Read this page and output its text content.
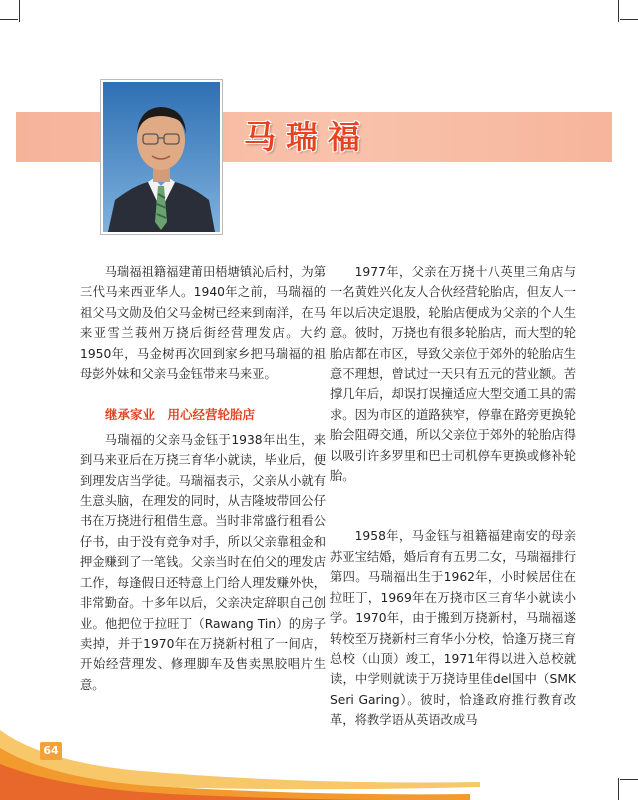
马瑞福

马瑞福祖籍福建莆田梧塘镇沁后村，为第三代马来西亚华人。1940年之前，马瑞福的祖父马文勋及伯父马金树已经来到南洋，在马来亚雪兰莪州万挠后街经营理发店。大约1950年，马金树再次回到家乡把马瑞福的祖母彭外妹和父亲马金钰带来马来亚。

继承家业　用心经营轮胎店

马瑞福的父亲马金钰于1938年出生，来到马来亚后在万挠三育华小就读，毕业后，便到理发店当学徒。马瑞福表示，父亲从小就有生意头脑，在理发的同时，从吉隆坡带回公仔书在万挠进行租借生意。当时非常盛行租看公仔书，由于没有竞争对手，所以父亲靠租金和押金赚到了一笔钱。父亲当时在伯父的理发店工作，每逢假日还特意上门给人理发赚外快，非常勤奋。十多年以后，父亲决定辞职自己创业。他把位于拉旺丁（Rawang Tin）的房子卖掉，并于1970年在万挠新村租了一间店，开始经营理发、修理脚车及售卖黑胶唱片生意。

1977年，父亲在万挠十八英里三角店与一名黄姓兴化友人合伙经营轮胎店，但友人一年以后决定退股，轮胎店便成为父亲的个人生意。彼时，万挠也有很多轮胎店，而大型的轮胎店都在市区，导致父亲位于郊外的轮胎店生意不理想，曾试过一天只有五元的营业额。苦撑几年后，却误打误撞适应大型交通工具的需求。因为市区的道路狭窄，停靠在路旁更换轮胎会阻碍交通，所以父亲位于郊外的轮胎店得以吸引许多罗里和巴士司机停车更换或修补轮胎。

1958年，马金钰与祖籍福建南安的母亲苏亚宝结婚，婚后育有五男二女，马瑞福排行第四。马瑞福出生于1962年，小时候居住在拉旺丁，1969年在万挠市区三育华小就读小学。1970年，由于搬到万挠新村，马瑞福遂转校至万挠新村三育华小分校，恰逢万挠三育总校（山顶）竣工，1971年得以进入总校就读，中学则就读于万挠诗里佳del国中（SMK Seri Garing）。彼时，恰逢政府推行教育改革，将教学语从英语改成马

64
